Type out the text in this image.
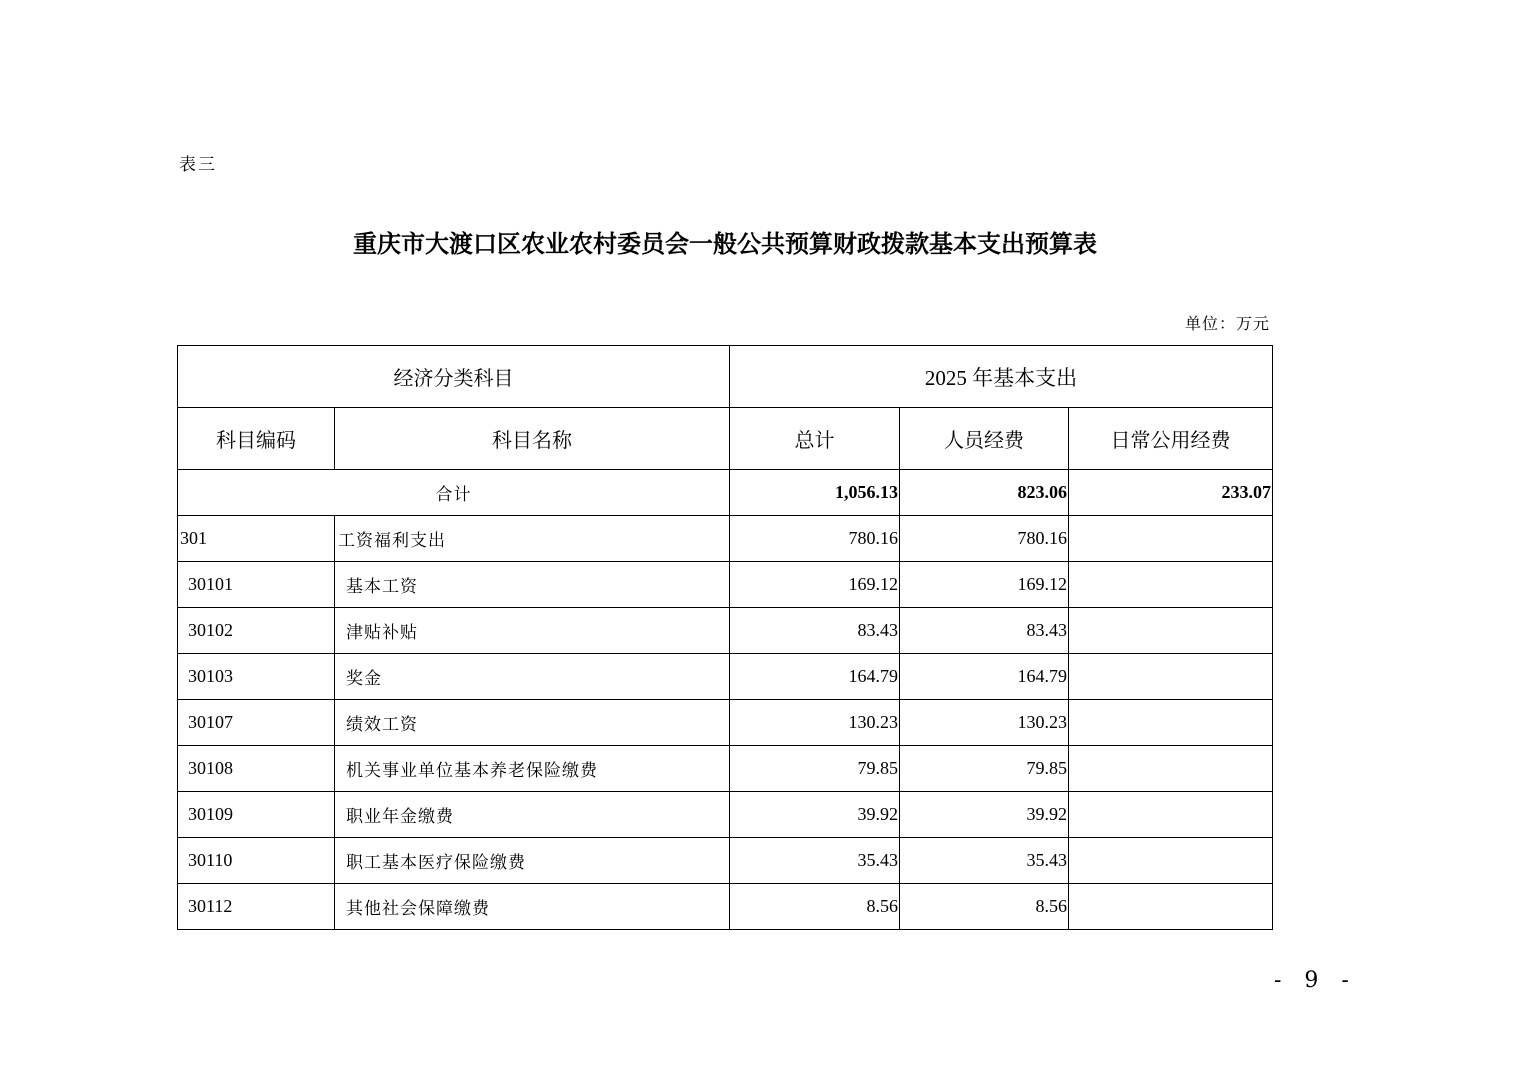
表三
重庆市大渡口区农业农村委员会一般公共预算财政拨款基本支出预算表
单位：万元
经济分类科目		2025 年基本支出		
科目编码	科目名称	总计	人员经费	日常公用经费
合计		1,056.13	823.06	233.07
301	工资福利支出	780.16	780.16	
30101	基本工资	169.12	169.12	
30102	津贴补贴	83.43	83.43	
30103	奖金	164.79	164.79	
30107	绩效工资	130.23	130.23	
30108	机关事业单位基本养老保险缴费	79.85	79.85	
30109	职业年金缴费	39.92	39.92	
30110	职工基本医疗保险缴费	35.43	35.43	
30112	其他社会保障缴费	8.56	8.56	
- 9 -
